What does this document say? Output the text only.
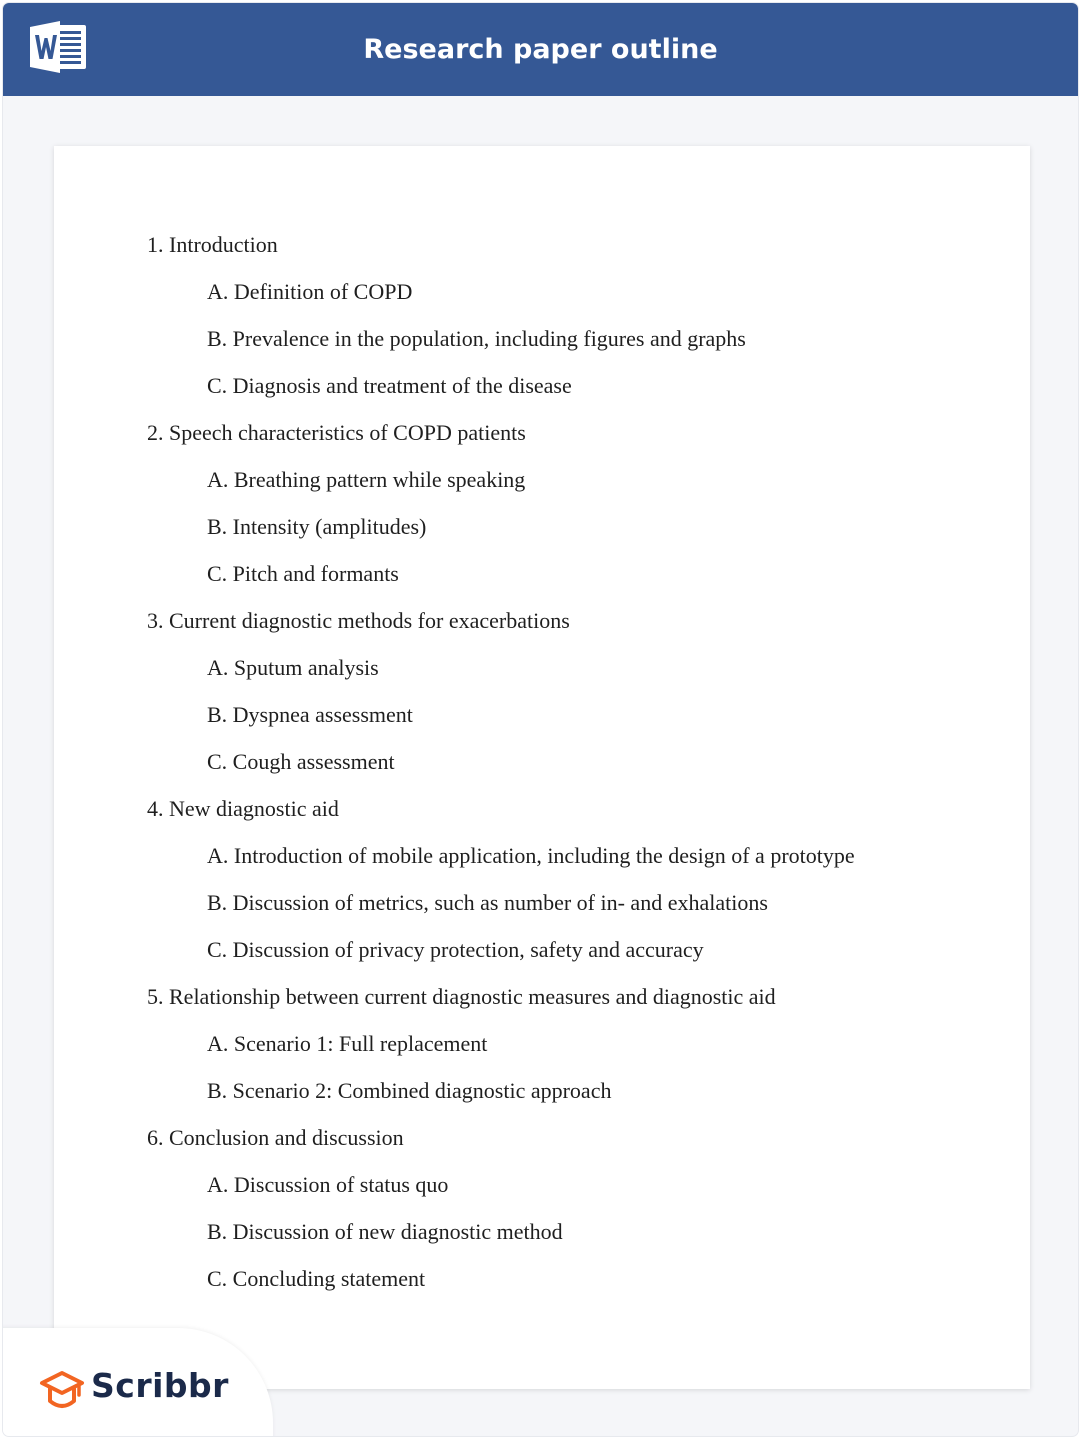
Research paper outline
1. Introduction
A. Definition of COPD
B. Prevalence in the population, including figures and graphs
C. Diagnosis and treatment of the disease
2. Speech characteristics of COPD patients
A. Breathing pattern while speaking
B. Intensity (amplitudes)
C. Pitch and formants
3. Current diagnostic methods for exacerbations
A. Sputum analysis
B. Dyspnea assessment
C. Cough assessment
4. New diagnostic aid
A. Introduction of mobile application, including the design of a prototype
B. Discussion of metrics, such as number of in- and exhalations
C. Discussion of privacy protection, safety and accuracy
5. Relationship between current diagnostic measures and diagnostic aid
A. Scenario 1: Full replacement
B. Scenario 2: Combined diagnostic approach
6. Conclusion and discussion
A. Discussion of status quo
B. Discussion of new diagnostic method
C. Concluding statement
Scribbr
